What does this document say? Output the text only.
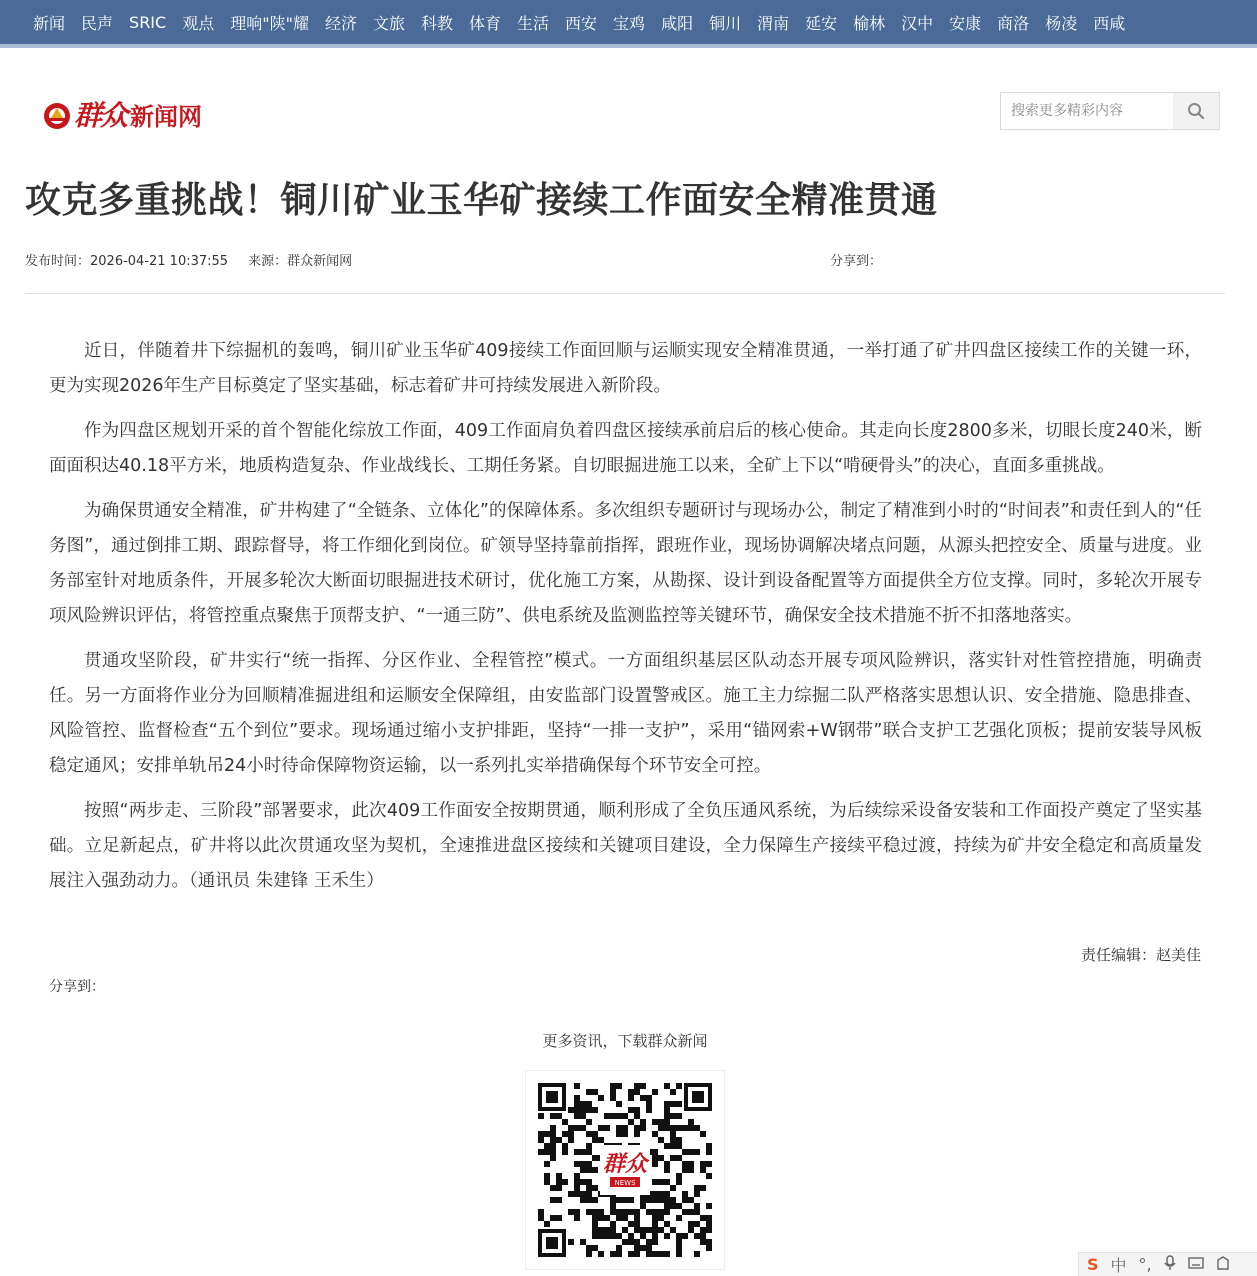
新闻 民声 SRIC 观点 理响"陕"耀 经济 文旅 科教 体育 生活 西安 宝鸡 咸阳 铜川 渭南 延安 榆林 汉中 安康 商洛 杨凌 西咸
群众 新闻网
搜索更多精彩内容
攻克多重挑战！铜川矿业玉华矿接续工作面安全精准贯通
发布时间：2026-04-21 10:37:55 来源：群众新闻网	分享到：

近日，伴随着井下综掘机的轰鸣，铜川矿业玉华矿409接续工作面回顺与运顺实现安全精准贯通，一举打通了矿井四盘区接续工作的关键一环，更为实现2026年生产目标奠定了坚实基础，标志着矿井可持续发展进入新阶段。

作为四盘区规划开采的首个智能化综放工作面，409工作面肩负着四盘区接续承前启后的核心使命。其走向长度2800多米，切眼长度240米，断面面积达40.18平方米，地质构造复杂、作业战线长、工期任务紧。自切眼掘进施工以来，全矿上下以“啃硬骨头”的决心，直面多重挑战。

为确保贯通安全精准，矿井构建了“全链条、立体化”的保障体系。多次组织专题研讨与现场办公，制定了精准到小时的“时间表”和责任到人的“任务图”，通过倒排工期、跟踪督导，将工作细化到岗位。矿领导坚持靠前指挥，跟班作业，现场协调解决堵点问题，从源头把控安全、质量与进度。业务部室针对地质条件，开展多轮次大断面切眼掘进技术研讨，优化施工方案，从勘探、设计到设备配置等方面提供全方位支撑。同时，多轮次开展专项风险辨识评估，将管控重点聚焦于顶帮支护、“一通三防”、供电系统及监测监控等关键环节，确保安全技术措施不折不扣落地落实。

贯通攻坚阶段，矿井实行“统一指挥、分区作业、全程管控”模式。一方面组织基层区队动态开展专项风险辨识，落实针对性管控措施，明确责任。另一方面将作业分为回顺精准掘进组和运顺安全保障组，由安监部门设置警戒区。施工主力综掘二队严格落实思想认识、安全措施、隐患排查、风险管控、监督检查“五个到位”要求。现场通过缩小支护排距，坚持“一排一支护”，采用“锚网索+W钢带”联合支护工艺强化顶板；提前安装导风板稳定通风；安排单轨吊24小时待命保障物资运输，以一系列扎实举措确保每个环节安全可控。

按照“两步走、三阶段”部署要求，此次409工作面安全按期贯通，顺利形成了全负压通风系统，为后续综采设备安装和工作面投产奠定了坚实基础。立足新起点，矿井将以此次贯通攻坚为契机，全速推进盘区接续和关键项目建设，全力保障生产接续平稳过渡，持续为矿井安全稳定和高质量发展注入强劲动力。（通讯员 朱建锋 王禾生）

责任编辑：赵美佳
分享到：
更多资讯，下载群众新闻
群众
NEWS
S 中 °,
